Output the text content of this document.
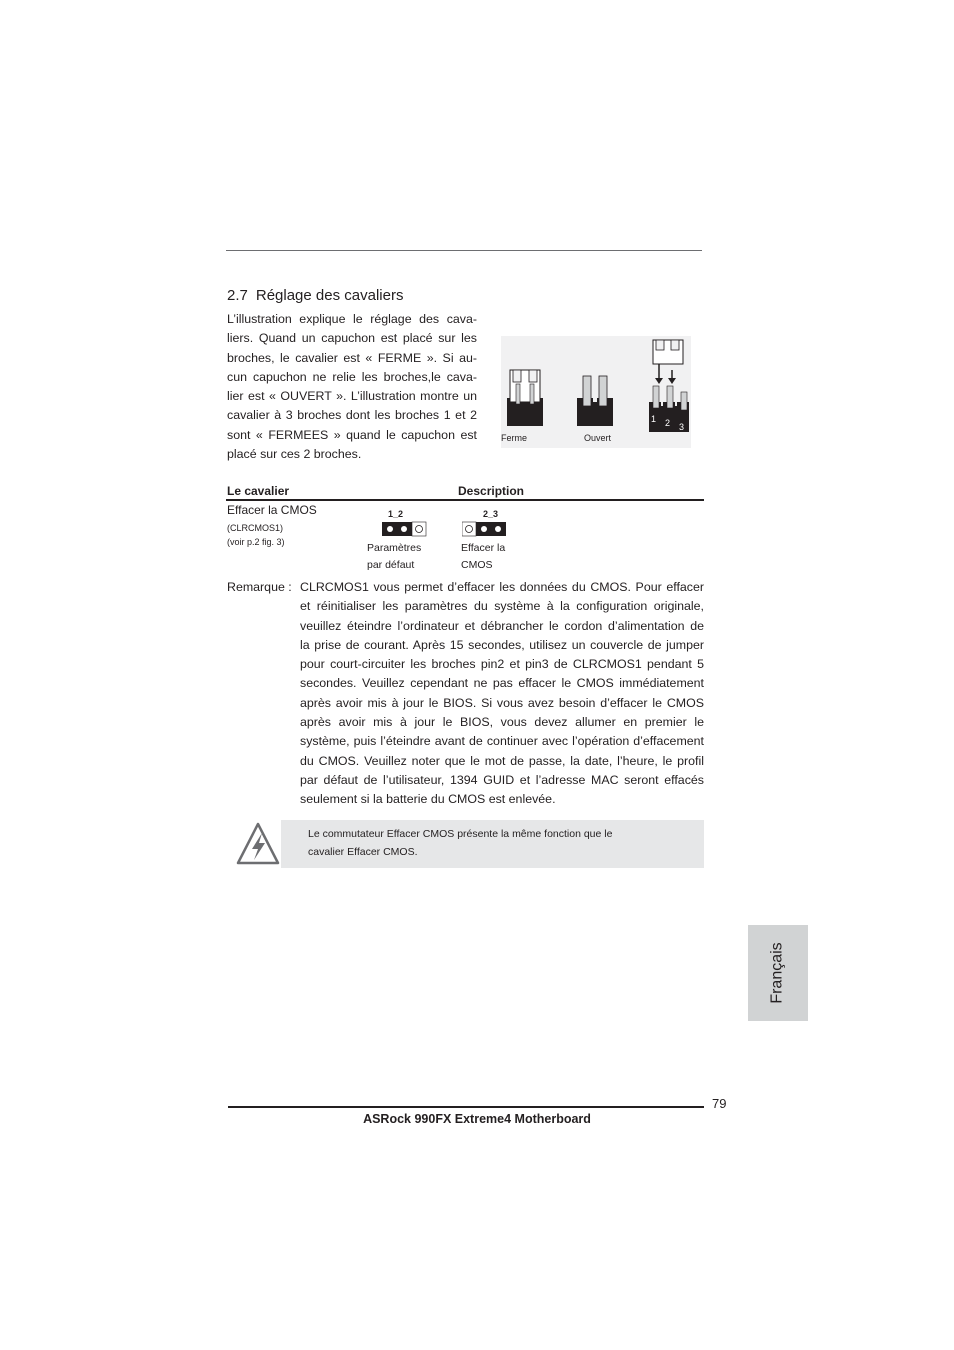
2.7 Réglage des cavaliers
L’illustration explique le réglage des cava-
liers. Quand un capuchon est placé sur les
broches, le cavalier est « FERME ». Si au-
cun capuchon ne relie les broches,le cava-
lier est « OUVERT ». L’illustration montre un
cavalier à 3 broches dont les broches 1 et 2
sont « FERMEES » quand le capuchon est
placé sur ces 2 broches.
1 2 3
Ferme	Ouvert
Le cavalier	Description
Effacer la CMOS
(CLRCMOS1)
(voir p.2 fig. 3)
1_2
Paramètres
par défaut
2_3
Effacer la
CMOS
Remarque : CLRCMOS1 vous permet d’effacer les données du CMOS. Pour effacer
et réinitialiser les paramètres du système à la configuration originale,
veuillez éteindre l’ordinateur et débrancher le cordon d’alimentation de
la prise de courant. Après 15 secondes, utilisez un couvercle de jumper
pour court-circuiter les broches pin2 et pin3 de CLRCMOS1 pendant 5
secondes. Veuillez cependant ne pas effacer le CMOS immédiatement
après avoir mis à jour le BIOS. Si vous avez besoin d’effacer le CMOS
après avoir mis à jour le BIOS, vous devez allumer en premier le
système, puis l’éteindre avant de continuer avec l’opération d’effacement
du CMOS. Veuillez noter que le mot de passe, la date, l’heure, le profil
par défaut de l’utilisateur, 1394 GUID et l’adresse MAC seront effacés
seulement si la batterie du CMOS est enlevée.
Le commutateur Effacer CMOS présente la même fonction que le
cavalier Effacer CMOS.
Français
79
ASRock 990FX Extreme4 Motherboard
